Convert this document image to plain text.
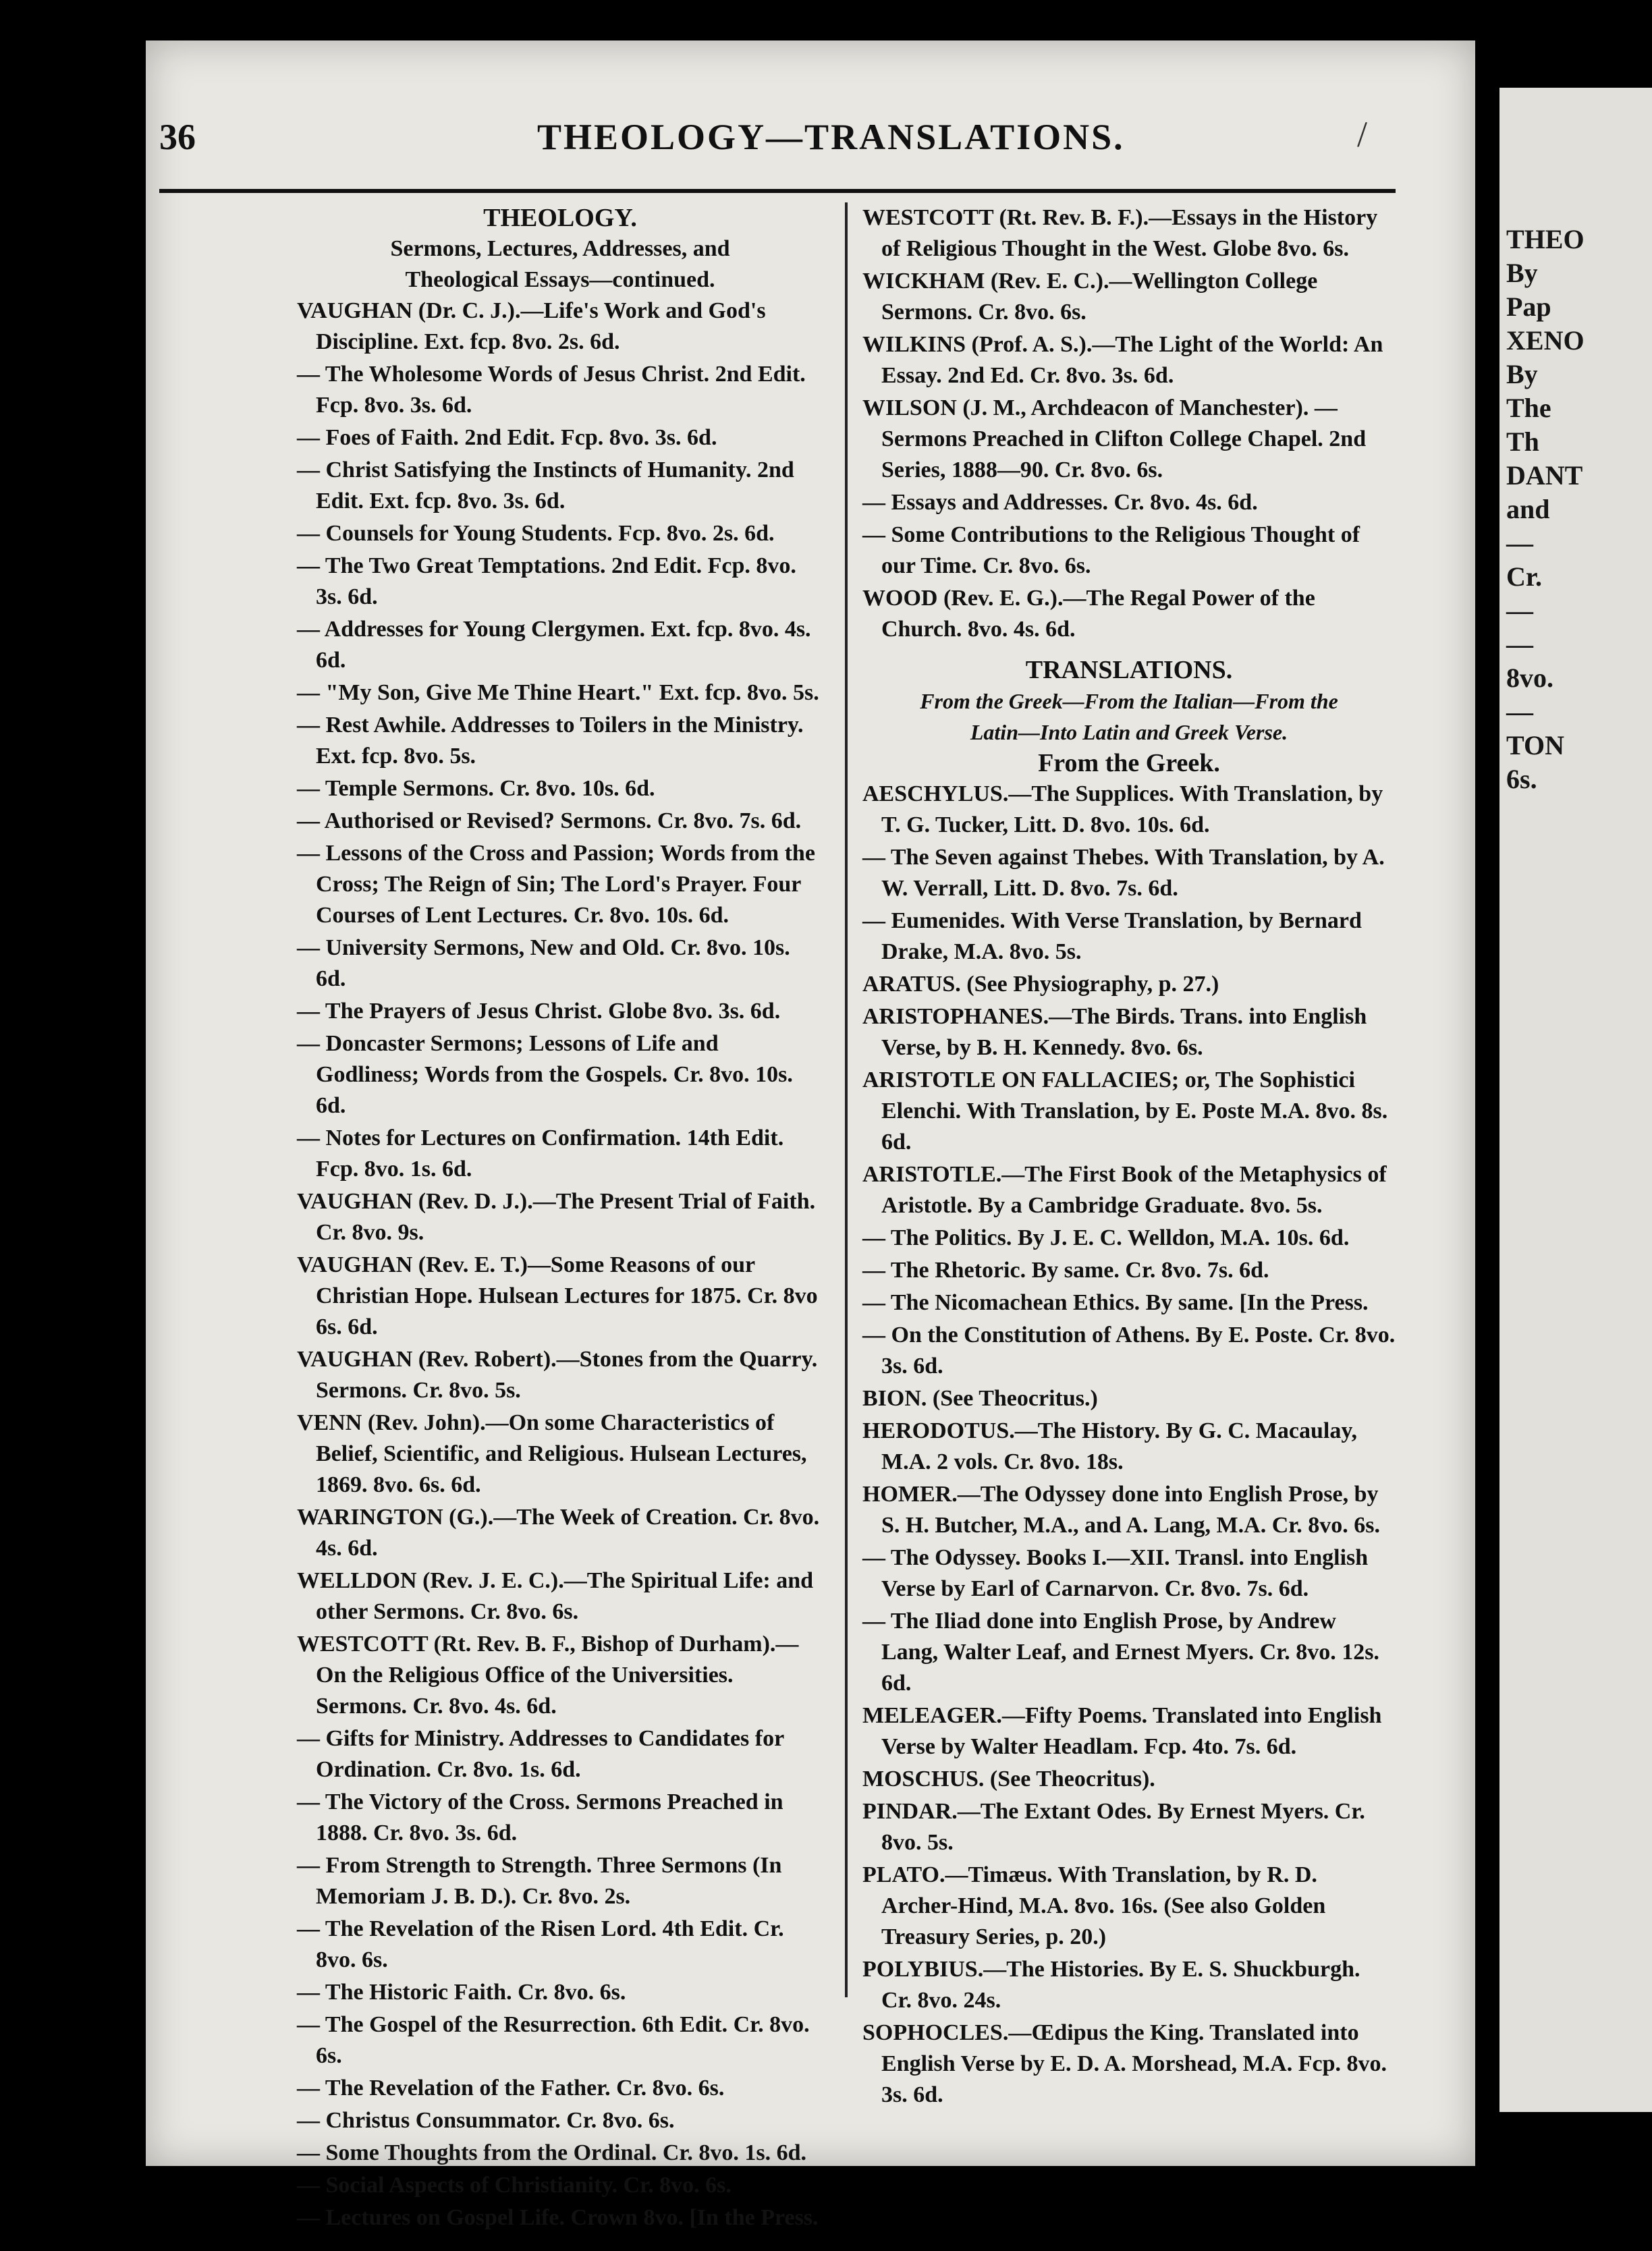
THEO
By
Pap
XENO
By
The
Th
DANT
and
—
Cr.
—
—
8vo.
—
TON
6s.
36	THEOLOGY—TRANSLATIONS.	/
THEOLOGY.
Sermons, Lectures, Addresses, and
Theological Essays—continued.
VAUGHAN (Dr. C. J.).—Life's Work and God's Discipline. Ext. fcp. 8vo. 2s. 6d.
— The Wholesome Words of Jesus Christ. 2nd Edit. Fcp. 8vo. 3s. 6d.
— Foes of Faith. 2nd Edit. Fcp. 8vo. 3s. 6d.
— Christ Satisfying the Instincts of Humanity. 2nd Edit. Ext. fcp. 8vo. 3s. 6d.
— Counsels for Young Students. Fcp. 8vo. 2s. 6d.
— The Two Great Temptations. 2nd Edit. Fcp. 8vo. 3s. 6d.
— Addresses for Young Clergymen. Ext. fcp. 8vo. 4s. 6d.
— "My Son, Give Me Thine Heart." Ext. fcp. 8vo. 5s.
— Rest Awhile. Addresses to Toilers in the Ministry. Ext. fcp. 8vo. 5s.
— Temple Sermons. Cr. 8vo. 10s. 6d.
— Authorised or Revised? Sermons. Cr. 8vo. 7s. 6d.
— Lessons of the Cross and Passion; Words from the Cross; The Reign of Sin; The Lord's Prayer. Four Courses of Lent Lectures. Cr. 8vo. 10s. 6d.
— University Sermons, New and Old. Cr. 8vo. 10s. 6d.
— The Prayers of Jesus Christ. Globe 8vo. 3s. 6d.
— Doncaster Sermons; Lessons of Life and Godliness; Words from the Gospels. Cr. 8vo. 10s. 6d.
— Notes for Lectures on Confirmation. 14th Edit. Fcp. 8vo. 1s. 6d.
VAUGHAN (Rev. D. J.).—The Present Trial of Faith. Cr. 8vo. 9s.
VAUGHAN (Rev. E. T.)—Some Reasons of our Christian Hope. Hulsean Lectures for 1875. Cr. 8vo 6s. 6d.
VAUGHAN (Rev. Robert).—Stones from the Quarry. Sermons. Cr. 8vo. 5s.
VENN (Rev. John).—On some Characteristics of Belief, Scientific, and Religious. Hulsean Lectures, 1869. 8vo. 6s. 6d.
WARINGTON (G.).—The Week of Creation. Cr. 8vo. 4s. 6d.
WELLDON (Rev. J. E. C.).—The Spiritual Life: and other Sermons. Cr. 8vo. 6s.
WESTCOTT (Rt. Rev. B. F., Bishop of Durham).—On the Religious Office of the Universities. Sermons. Cr. 8vo. 4s. 6d.
— Gifts for Ministry. Addresses to Candidates for Ordination. Cr. 8vo. 1s. 6d.
— The Victory of the Cross. Sermons Preached in 1888. Cr. 8vo. 3s. 6d.
— From Strength to Strength. Three Sermons (In Memoriam J. B. D.). Cr. 8vo. 2s.
— The Revelation of the Risen Lord. 4th Edit. Cr. 8vo. 6s.
— The Historic Faith. Cr. 8vo. 6s.
— The Gospel of the Resurrection. 6th Edit. Cr. 8vo. 6s.
— The Revelation of the Father. Cr. 8vo. 6s.
— Christus Consummator. Cr. 8vo. 6s.
— Some Thoughts from the Ordinal. Cr. 8vo. 1s. 6d.
— Social Aspects of Christianity. Cr. 8vo. 6s.
— Lectures on Gospel Life. Crown 8vo. [In the Press.
WESTCOTT (Rt. Rev. B. F.).—Essays in the History of Religious Thought in the West. Globe 8vo. 6s.
WICKHAM (Rev. E. C.).—Wellington College Sermons. Cr. 8vo. 6s.
WILKINS (Prof. A. S.).—The Light of the World: An Essay. 2nd Ed. Cr. 8vo. 3s. 6d.
WILSON (J. M., Archdeacon of Manchester). —Sermons Preached in Clifton College Chapel. 2nd Series, 1888—90. Cr. 8vo. 6s.
— Essays and Addresses. Cr. 8vo. 4s. 6d.
— Some Contributions to the Religious Thought of our Time. Cr. 8vo. 6s.
WOOD (Rev. E. G.).—The Regal Power of the Church. 8vo. 4s. 6d.
TRANSLATIONS.
From the Greek—From the Italian—From the
Latin—Into Latin and Greek Verse.
From the Greek.
AESCHYLUS.—The Supplices. With Translation, by T. G. Tucker, Litt. D. 8vo. 10s. 6d.
— The Seven against Thebes. With Translation, by A. W. Verrall, Litt. D. 8vo. 7s. 6d.
— Eumenides. With Verse Translation, by Bernard Drake, M.A. 8vo. 5s.
ARATUS. (See Physiography, p. 27.)
ARISTOPHANES.—The Birds. Trans. into English Verse, by B. H. Kennedy. 8vo. 6s.
ARISTOTLE ON FALLACIES; or, The Sophistici Elenchi. With Translation, by E. Poste M.A. 8vo. 8s. 6d.
ARISTOTLE.—The First Book of the Metaphysics of Aristotle. By a Cambridge Graduate. 8vo. 5s.
— The Politics. By J. E. C. Welldon, M.A. 10s. 6d.
— The Rhetoric. By same. Cr. 8vo. 7s. 6d.
— The Nicomachean Ethics. By same. [In the Press.
— On the Constitution of Athens. By E. Poste. Cr. 8vo. 3s. 6d.
BION. (See Theocritus.)
HERODOTUS.—The History. By G. C. Macaulay, M.A. 2 vols. Cr. 8vo. 18s.
HOMER.—The Odyssey done into English Prose, by S. H. Butcher, M.A., and A. Lang, M.A. Cr. 8vo. 6s.
— The Odyssey. Books I.—XII. Transl. into English Verse by Earl of Carnarvon. Cr. 8vo. 7s. 6d.
— The Iliad done into English Prose, by Andrew Lang, Walter Leaf, and Ernest Myers. Cr. 8vo. 12s. 6d.
MELEAGER.—Fifty Poems. Translated into English Verse by Walter Headlam. Fcp. 4to. 7s. 6d.
MOSCHUS. (See Theocritus).
PINDAR.—The Extant Odes. By Ernest Myers. Cr. 8vo. 5s.
PLATO.—Timæus. With Translation, by R. D. Archer-Hind, M.A. 8vo. 16s. (See also Golden Treasury Series, p. 20.)
POLYBIUS.—The Histories. By E. S. Shuckburgh. Cr. 8vo. 24s.
SOPHOCLES.—Œdipus the King. Translated into English Verse by E. D. A. Morshead, M.A. Fcp. 8vo. 3s. 6d.
